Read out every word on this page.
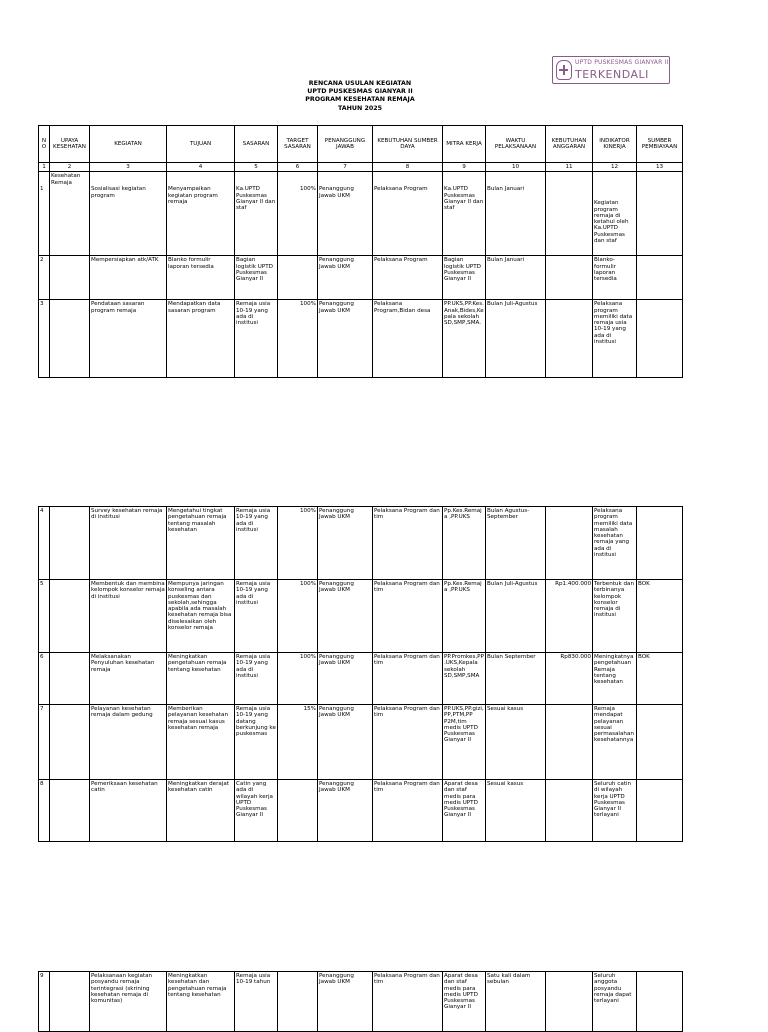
UPTD PUSKESMAS GIANYAR II
TERKENDALI
RENCANA USULAN KEGIATAN
UPTD PUSKESMAS GIANYAR II
PROGRAM KESEHATAN REMAJA
TAHUN 2025
NO	UPAYA KESEHATAN	KEGIATAN	TUJUAN	SASARAN	TARGET SASARAN	PENANGGUNG JAWAB	KEBUTUHAN SUMBER DAYA	MITRA KERJA	WAKTU PELAKSANAAN	KEBUTUHAN ANGGARAN	INDIKATOR KINERJA	SUMBER PEMBIAYAAN
1	2	3	4	5	6	7	8	9	10	11	12	13
1	Kesehatan Remaja	Sosialisasi kegiatan program	Menyampaikan kegiatan program remaja	Ka.UPTD Puskesmas Gianyar II dan staf	100%	Penanggung Jawab UKM	Pelaksana Program	Ka.UPTD Puskesmas Gianyar II dan staf	Bulan Januari		Kegiatan program remaja di ketahui oleh Ka.UPTD Puskesmas dan staf	
2		Mempersiapkan atk/ATK	Blanko formulir laporan tersedia	Bagian logistik UPTD Puskesmas Gianyar II		Penanggung Jawab UKM	Pelaksana Program	Bagian logistik UPTD Puskesmas Gianyar II	Bulan Januari		Blanko-formulir laporan tersedia	
3		Pendataan sasaran program remaja	Mendapatkan data sasaran program	Remaja usia 10-19 yang ada di institusi	100%	Penanggung Jawab UKM	Pelaksana Program,Bidan desa	PP.UKS,PP.Kes. Anak,Bides,Ke pala sekolah SD,SMP,SMA.	Bulan Juli-Agustus		Pelaksana program memiliki data remaja usia 10-19 yang ada di institusi	
4		Survey kesehatan remaja di institusi	Mengetahui tingkat pengetahuan remaja tentang masalah kesehatan	Remaja usia 10-19 yang ada di institusi	100%	Penanggung Jawab UKM	Pelaksana Program dan tim	Pp.Kes.Remaja ,PP.UKS	Bulan Agustus-September		Pelaksana program memiliki data masalah kesehatan remaja yang ada di institusi	
5		Membentuk dan membina kelompok konselor remaja di institusi	Mempunya jaringan konseling antara puskesmas dan sekolah,sehingga apabila ada masalah kesehatan remaja bisa diselesaikan oleh konselor remaja	Remaja usia 10-19 yang ada di institusi	100%	Penanggung Jawab UKM	Pelaksana Program dan tim	Pp.Kes.Remaja ,PP.UKS	Bulan Juli-Agustus	Rp1.400.000	Terbentuk dan terbinanya kelompok konselor remaja di institusi	BOK
6		Melaksanakan Penyuluhan kesehatan remaja	Meningkatkan pengetahuan remaja tentang kesehatan	Remaja usia 10-19 yang ada di institusi	100%	Penanggung Jawab UKM	Pelaksana Program dan tim	PP.Promkes,PP .UKS,Kepala sekolah SD,SMP,SMA	Bulan September	Rp830.000	Meningkatnya pengetahuan Remaja tentang kesehatan	BOK
7		Pelayanan kesehatan remaja dalam gedung	Memberikan pelayanan kesehatan remaja sesuai kasus kesehatan remaja	Remaja usia 10-19 yang datang berkunjung ke puskesmas	15%	Penanggung Jawab UKM	Pelaksana Program dan tim	PP.UKS,PP.gizi, PP,PTM,PP P2M,tim medis UPTD Puskesmas Gianyar II	Sesuai kasus		Remaja mendapat pelayanan sesuai permasalahan kesehatannya	
8		Pemeriksaan kesehatan catin	Meningkatkan derajat kesehatan catin	Catin yang ada di wilayah kerja UPTD Puskesmas Gianyar II		Penanggung Jawab UKM	Pelaksana Program dan tim	Aparat desa dan staf medis para medis UPTD Puskesmas Gianyar II	Sesuai kasus		Seluruh catin di wilayah kerja UPTD Puskesmas Gianyar II terlayani	
9		Pelaksanaan kegiatan posyandu remaja terintegrasi (skrining kesehatan remaja di komunitas)	Meningkatkan kesehatan dan pengetahuan remaja tentang kesehatan	Remaja usia 10-19 tahun		Penanggung Jawab UKM	Pelaksana Program dan tim	Aparat desa dan staf medis para medis UPTD Puskesmas Gianyar II	Satu kali dalam sebulan		Seluruh anggota posyandu remaja dapat terlayani	
